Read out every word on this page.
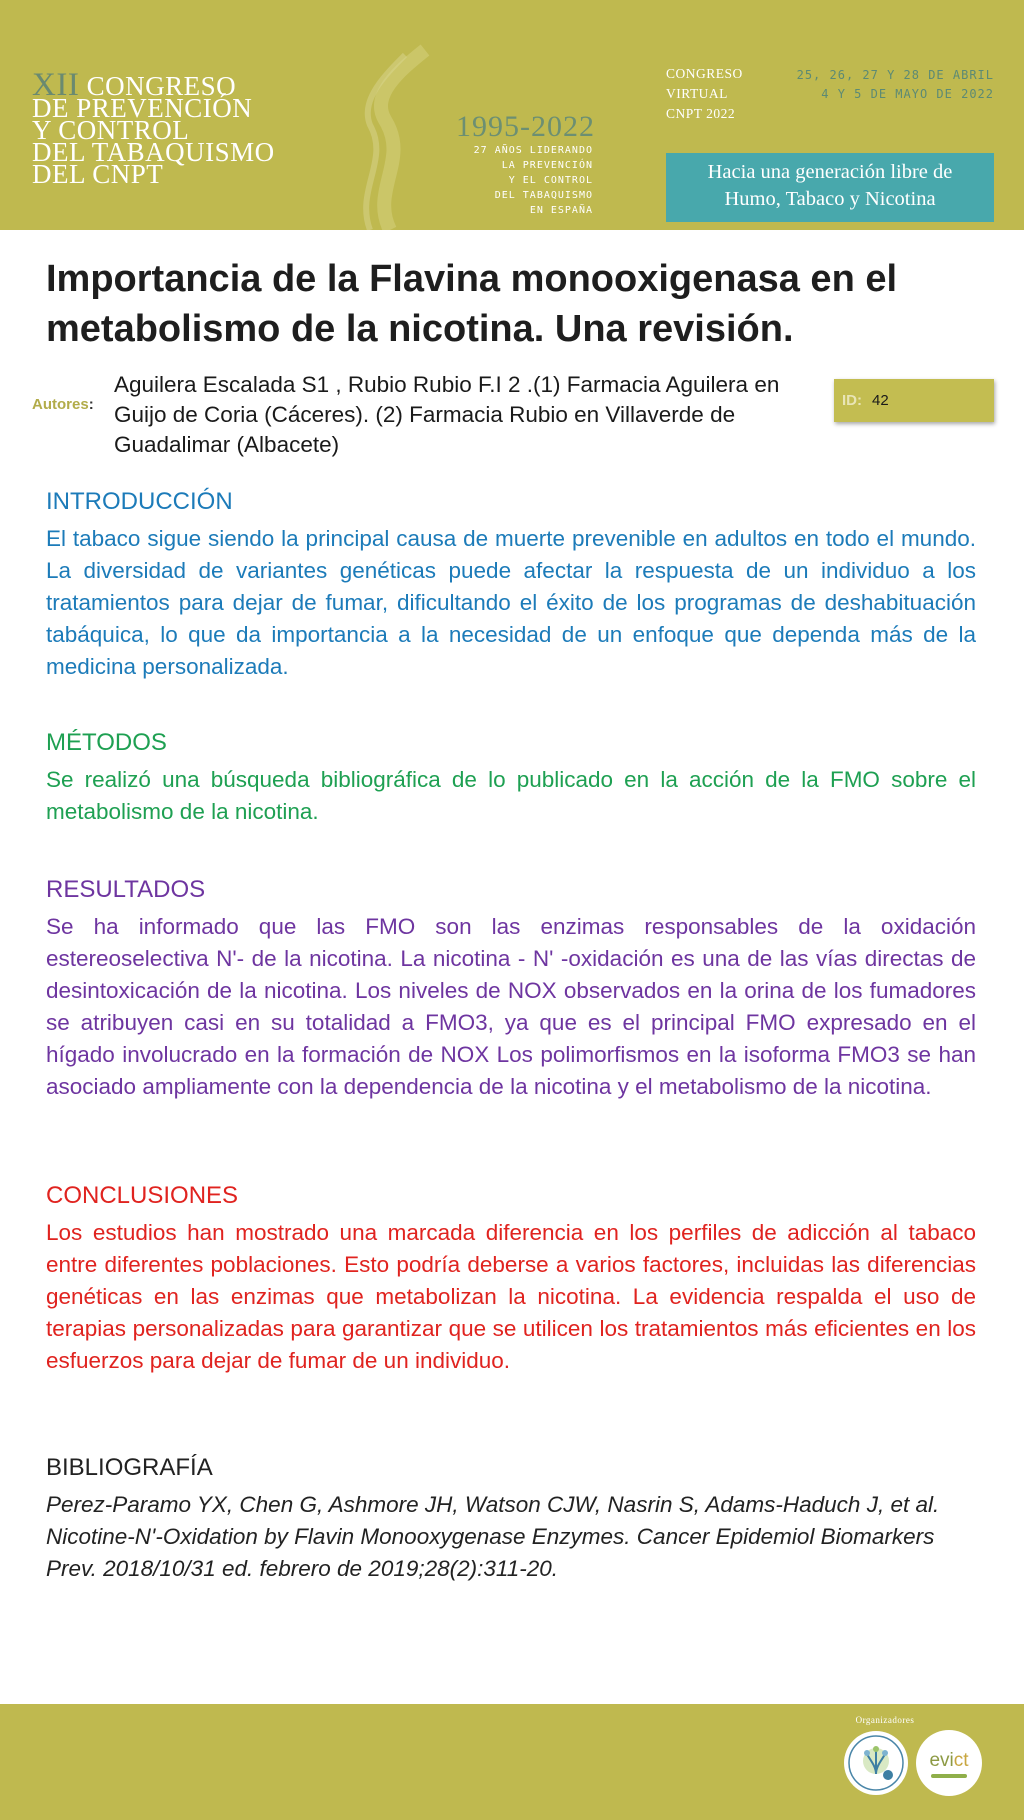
XII CONGRESO
DE PREVENCIÓN
Y CONTROL
DEL TABAQUISMO
DEL CNPT
1995-2022
27 AÑOS LIDERANDO
LA PREVENCIÓN
Y EL CONTROL
DEL TABAQUISMO
EN ESPAÑA
CONGRESO
VIRTUAL
CNPT 2022
25, 26, 27 Y 28 DE ABRIL
4 Y 5 DE MAYO DE 2022
Hacia una generación libre de
Humo, Tabaco y Nicotina
Importancia de la Flavina monooxigenasa en el metabolismo de la nicotina. Una revisión.
Autores:
Aguilera Escalada S1 , Rubio Rubio F.I 2 .(1) Farmacia Aguilera en Guijo de Coria (Cáceres). (2) Farmacia Rubio en Villaverde de Guadalimar (Albacete)
ID: 42
INTRODUCCIÓN
El tabaco sigue siendo la principal causa de muerte prevenible en adultos en todo el mundo. La diversidad de variantes genéticas puede afectar la respuesta de un individuo a los tratamientos para dejar de fumar, dificultando el éxito de los programas de deshabituación tabáquica, lo que da importancia a la necesidad de un enfoque que dependa más de la medicina personalizada.
MÉTODOS
Se realizó una búsqueda bibliográfica de lo publicado en la acción de la FMO sobre el metabolismo de la nicotina.
RESULTADOS
Se ha informado que las FMO son las enzimas responsables de la oxidación estereoselectiva N'- de la nicotina. La nicotina - N' -oxidación es una de las vías directas de desintoxicación de la nicotina. Los niveles de NOX observados en la orina de los fumadores se atribuyen casi en su totalidad a FMO3, ya que es el principal FMO expresado en el hígado involucrado en la formación de NOX Los polimorfismos en la isoforma FMO3 se han asociado ampliamente con la dependencia de la nicotina y el metabolismo de la nicotina.
CONCLUSIONES
Los estudios han mostrado una marcada diferencia en los perfiles de adicción al tabaco entre diferentes poblaciones. Esto podría deberse a varios factores, incluidas las diferencias genéticas en las enzimas que metabolizan la nicotina. La evidencia respalda el uso de terapias personalizadas para garantizar que se utilicen los tratamientos más eficientes en los esfuerzos para dejar de fumar de un individuo.
BIBLIOGRAFÍA
Perez-Paramo YX, Chen G, Ashmore JH, Watson CJW, Nasrin S, Adams-Haduch J, et al. Nicotine-N'-Oxidation by Flavin Monooxygenase Enzymes. Cancer Epidemiol Biomarkers Prev. 2018/10/31 ed. febrero de 2019;28(2):311-20.
Organizadores
evict
